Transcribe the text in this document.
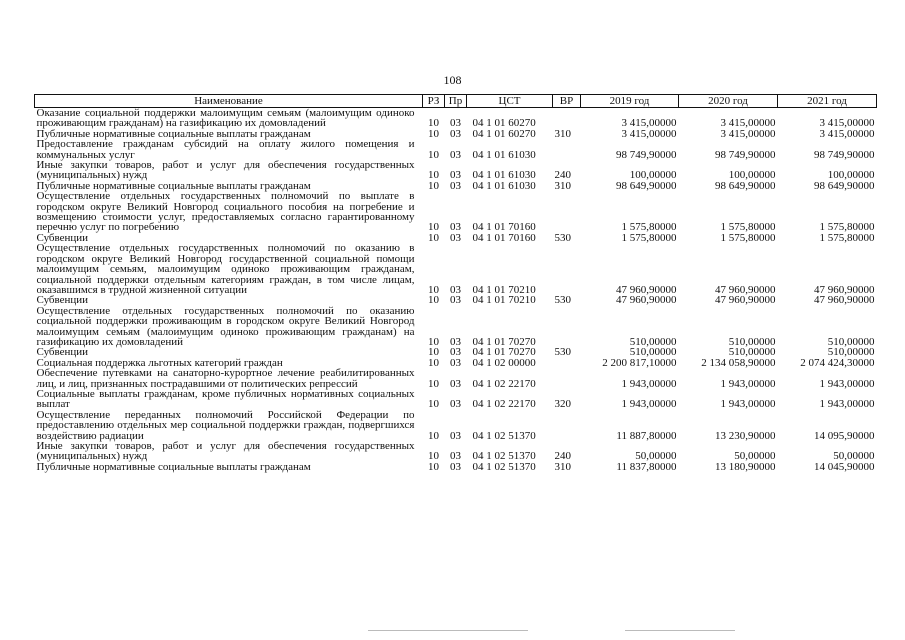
108
Наименование	РЗ	Пр	ЦСТ	ВР	2019 год	2020 год	2021 год
Оказание социальной поддержки малоимущим семьям (малоимущим одиноко проживающим гражданам) на газификацию их домовладений	10	03	04 1 01 60270		3 415,00000	3 415,00000	3 415,00000
Публичные нормативные социальные выплаты гражданам	10	03	04 1 01 60270	310	3 415,00000	3 415,00000	3 415,00000
Предоставление гражданам субсидий на оплату жилого помещения и коммунальных услуг	10	03	04 1 01 61030		98 749,90000	98 749,90000	98 749,90000
Иные закупки товаров, работ и услуг для обеспечения государственных (муниципальных) нужд	10	03	04 1 01 61030	240	100,00000	100,00000	100,00000
Публичные нормативные социальные выплаты гражданам	10	03	04 1 01 61030	310	98 649,90000	98 649,90000	98 649,90000
Осуществление отдельных государственных полномочий по выплате в городском округе Великий Новгород социального пособия на погребение и возмещению стоимости услуг, предоставляемых согласно гарантированному перечню услуг по погребению	10	03	04 1 01 70160		1 575,80000	1 575,80000	1 575,80000
Субвенции	10	03	04 1 01 70160	530	1 575,80000	1 575,80000	1 575,80000
Осуществление отдельных государственных полномочий по оказанию в городском округе Великий Новгород государственной социальной помощи малоимущим семьям, малоимущим одиноко проживающим гражданам, социальной поддержки отдельным категориям граждан, в том числе лицам, оказавшимся в трудной жизненной ситуации	10	03	04 1 01 70210		47 960,90000	47 960,90000	47 960,90000
Субвенции	10	03	04 1 01 70210	530	47 960,90000	47 960,90000	47 960,90000
Осуществление отдельных государственных полномочий по оказанию социальной поддержки проживающим в городском округе Великий Новгород малоимущим семьям (малоимущим одиноко проживающим гражданам) на газификацию их домовладений	10	03	04 1 01 70270		510,00000	510,00000	510,00000
Субвенции	10	03	04 1 01 70270	530	510,00000	510,00000	510,00000
Социальная поддержка льготных категорий граждан	10	03	04 1 02 00000		2 200 817,10000	2 134 058,90000	2 074 424,30000
Обеспечение путевками на санаторно-курортное лечение реабилитированных лиц, и лиц, признанных пострадавшими от политических репрессий	10	03	04 1 02 22170		1 943,00000	1 943,00000	1 943,00000
Социальные выплаты гражданам, кроме публичных нормативных социальных выплат	10	03	04 1 02 22170	320	1 943,00000	1 943,00000	1 943,00000
Осуществление переданных полномочий Российской Федерации по предоставлению отдельных мер социальной поддержки граждан, подвергшихся воздействию радиации	10	03	04 1 02 51370		11 887,80000	13 230,90000	14 095,90000
Иные закупки товаров, работ и услуг для обеспечения государственных (муниципальных) нужд	10	03	04 1 02 51370	240	50,00000	50,00000	50,00000
Публичные нормативные социальные выплаты гражданам	10	03	04 1 02 51370	310	11 837,80000	13 180,90000	14 045,90000
